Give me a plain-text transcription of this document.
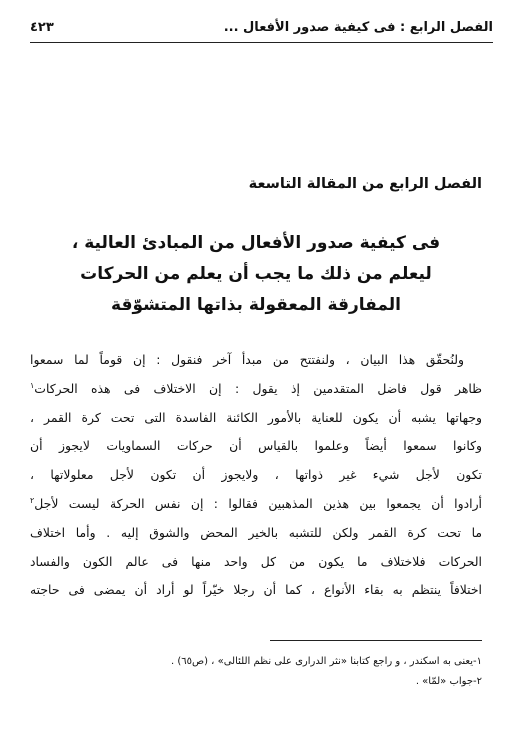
الفصل الرابع : فى كيفية صدور الأفعال ...
٤٢٣
الفصل الرابع من المقالة التاسعة
فى كيفية صدور الأفعال من المبادئ العالية ،
ليعلم من ذلك ما يجب أن يعلم من الحركات
المفارقة المعقولة بذاتها المتشوّقة
ولنُحقّق هذا البيان ، ولنفتتح من مبدأ آخر فنقول : إن قوماً لما سمعوا
ظاهر قول فاضل المتقدمين إذ يقول : إن الاختلاف فى هذه الحركات$^١$
وجهاتها يشبه أن يكون للعناية بالأمور الكائنة الفاسدة التى تحت كرة القمر ،
وكانوا سمعوا أيضاً وعلموا بالقياس أن حركات السماويات لايجوز أن
تكون لأجل شيء غير ذواتها ، ولايجوز أن تكون لأجل معلولاتها ،
أرادوا أن يجمعوا بين هذين المذهبين فقالوا : إن نفس الحركة ليست لأجل$^٢$
ما تحت كرة القمر ولكن للتشبه بالخير المحض والشوق إليه . وأما اختلاف
الحركات فلاختلاف ما يكون من كل واحد منها فى عالم الكون والفساد
اختلافاً ينتظم به بقاء الأنواع ، كما أن رجلا خيّراً لو أراد أن يمضى فى حاجته
١-يعنى به اسكندر ، و راجع كتابنا «نثر الدرارى على نظم اللئالى» ، (ص٦٥) .
٢-جواب «لمّا» .
